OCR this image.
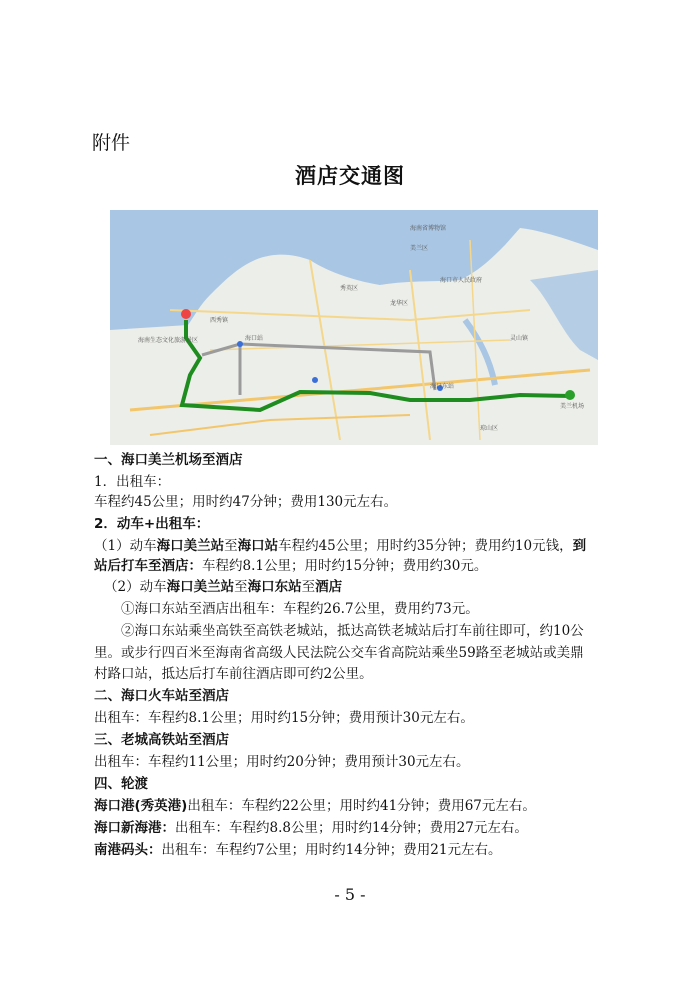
附件
酒店交通图
西秀镇
海南生态文化旅游景区
秀英区
龙华区
美兰区
灵山镇
美兰机场
海口站
海口东站
海南省博物馆
海口市人民政府
琼山区
一、海口美兰机场至酒店
1．出租车：
车程约45公里；用时约47分钟；费用130元左右。
2．动车+出租车：
（1）动车海口美兰站至海口站车程约45公里；用时约35分钟；费用约10元钱，到
站后打车至酒店：车程约8.1公里；用时约15分钟；费用约30元。
（2）动车海口美兰站至海口东站至酒店
①海口东站至酒店出租车：车程约26.7公里，费用约73元。
②海口东站乘坐高铁至高铁老城站，抵达高铁老城站后打车前往即可，约10公
里。或步行四百米至海南省高级人民法院公交车省高院站乘坐59路至老城站或美鼎
村路口站，抵达后打车前往酒店即可约2公里。
二、海口火车站至酒店
出租车：车程约8.1公里；用时约15分钟；费用预计30元左右。
三、老城高铁站至酒店
出租车：车程约11公里；用时约20分钟；费用预计30元左右。
四、轮渡
海口港(秀英港)出租车：车程约22公里；用时约41分钟；费用67元左右。
海口新海港：出租车：车程约8.8公里；用时约14分钟；费用27元左右。
南港码头：出租车：车程约7公里；用时约14分钟；费用21元左右。
- 5 -
